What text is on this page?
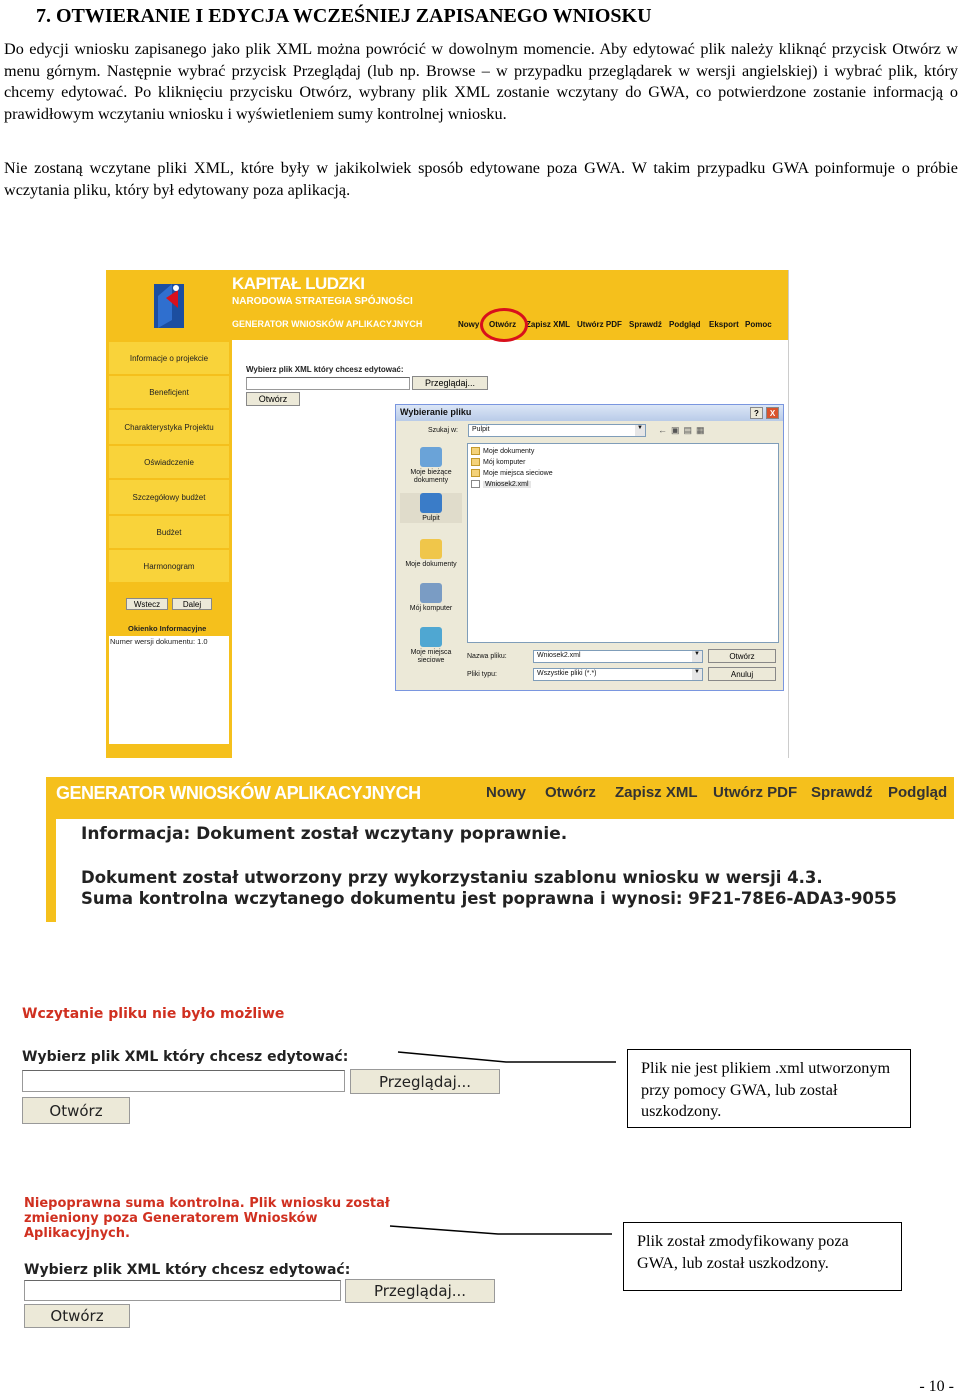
7. OTWIERANIE I EDYCJA WCZEŚNIEJ ZAPISANEGO WNIOSKU

Do edycji wniosku zapisanego jako plik XML można powrócić w dowolnym momencie. Aby edytować plik należy kliknąć przycisk Otwórz w menu górnym. Następnie wybrać przycisk Przeglądaj (lub np. Browse – w przypadku przeglądarek w wersji angielskiej) i wybrać plik, który chcemy edytować. Po kliknięciu przycisku Otwórz, wybrany plik XML zostanie wczytany do GWA, co potwierdzone zostanie informacją o prawidłowym wczytaniu wniosku i wyświetleniem sumy kontrolnej wniosku.

Nie zostaną wczytane pliki XML, które były w jakikolwiek sposób edytowane poza GWA. W takim przypadku GWA poinformuje o próbie wczytania pliku, który był edytowany poza aplikacją.

KAPITAŁ LUDZKI
NARODOWA STRATEGIA SPÓJNOŚCI
GENERATOR WNIOSKÓW APLIKACYJNYCH	Nowy Otwórz Zapisz XML Utwórz PDF Sprawdź Podgląd Eksport Pomoc
Informacje o projekcie
Beneficjent
Charakterystyka Projektu
Oświadczenie
Szczegółowy budżet
Budżet
Harmonogram
Wstecz	Dalej
Okienko Informacyjne
Numer wersji dokumentu: 1.0
Wybierz plik XML który chcesz edytować:
Przeglądaj...
Otwórz
Wybieranie pliku	?	X
Szukaj w:	Pulpit	▼ ←▣▤▦
Moje bieżące dokumenty
Pulpit
Moje dokumenty
Mój komputer
Moje miejsca sieciowe
Moje dokumenty
Mój komputer
Moje miejsca sieciowe
Wniosek2.xml
Nazwa pliku:	Wniosek2.xml	▼
Pliki typu:	Wszystkie pliki (*.*)	▼
Otwórz
Anuluj
GENERATOR WNIOSKÓW APLIKACYJNYCH	Nowy Otwórz Zapisz XML Utwórz PDF Sprawdź Podgląd
Informacja: Dokument został wczytany poprawnie.
Dokument został utworzony przy wykorzystaniu szablonu wniosku w wersji 4.3.
Suma kontrolna wczytanego dokumentu jest poprawna i wynosi: 9F21-78E6-ADA3-9055
Wczytanie pliku nie było możliwe
Wybierz plik XML który chcesz edytować:
Przeglądaj...
Otwórz
Plik nie jest plikiem .xml utworzonym przy pomocy GWA, lub został uszkodzony.
Niepoprawna suma kontrolna. Plik wniosku został
zmieniony poza Generatorem Wniosków
Aplikacyjnych.
Wybierz plik XML który chcesz edytować:
Przeglądaj...
Otwórz
Plik został zmodyfikowany poza GWA, lub został uszkodzony.
- 10 -
